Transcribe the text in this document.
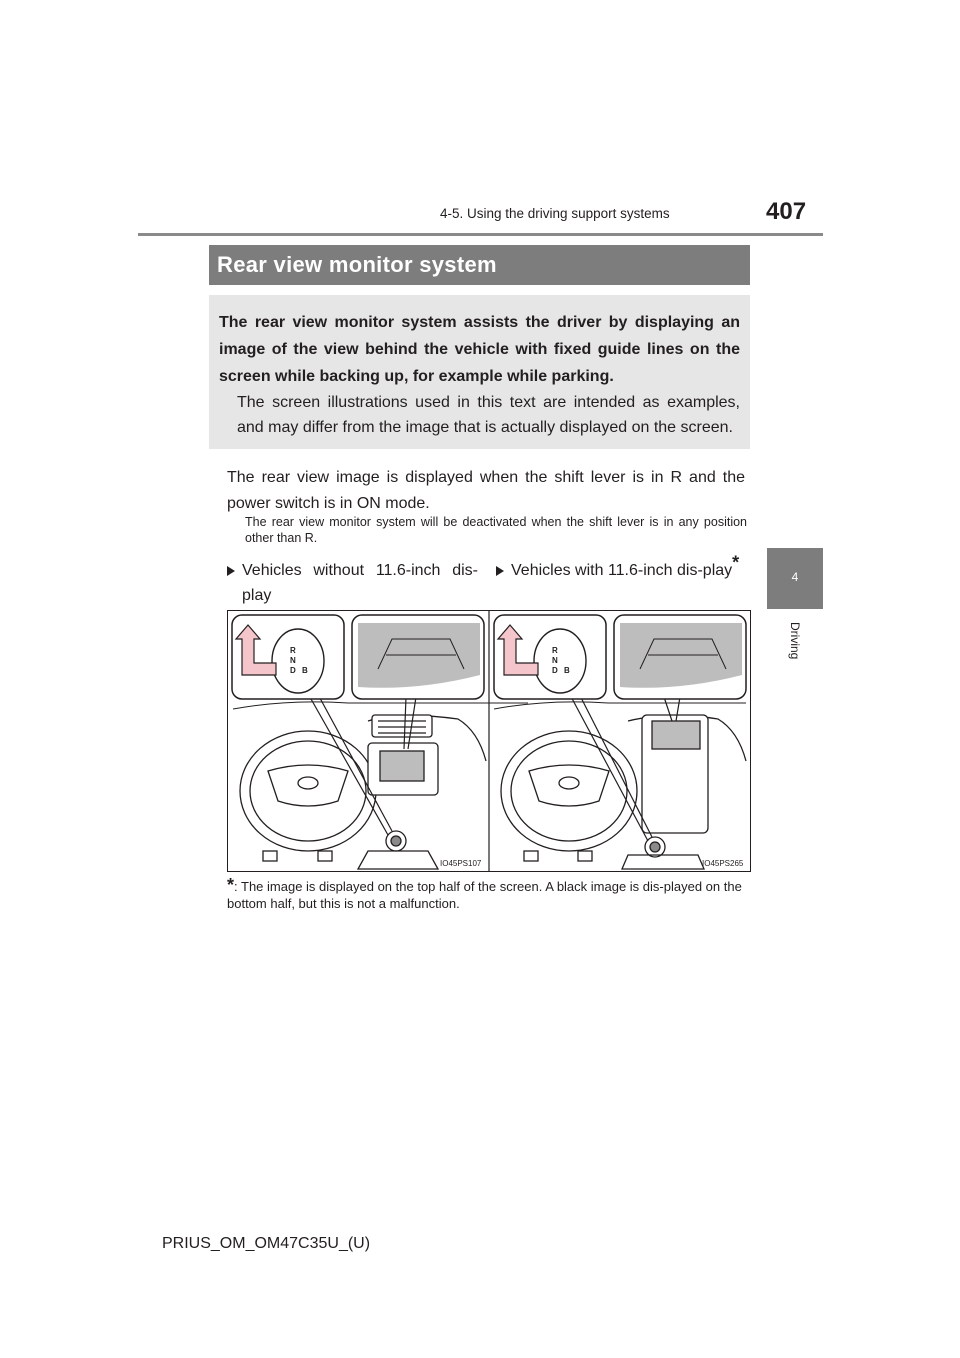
4-5. Using the driving support systems	407
4
Driving
Rear view monitor system

The rear view monitor system assists the driver by displaying an image of the view behind the vehicle with fixed guide lines on the screen while backing up, for example while parking.

The screen illustrations used in this text are intended as examples, and may differ from the image that is actually displayed on the screen.

The rear view image is displayed when the shift lever is in R and the power switch is in ON mode.

The rear view monitor system will be deactivated when the shift lever is in any position other than R.

Vehicles without 11.6-inch dis-play
Vehicles with 11.6-inch dis-play*
R
N
D B
IO45PS107
R
N
D B
IO45PS265
*: The image is displayed on the top half of the screen. A black image is dis-played on the bottom half, but this is not a malfunction.
PRIUS_OM_OM47C35U_(U)
